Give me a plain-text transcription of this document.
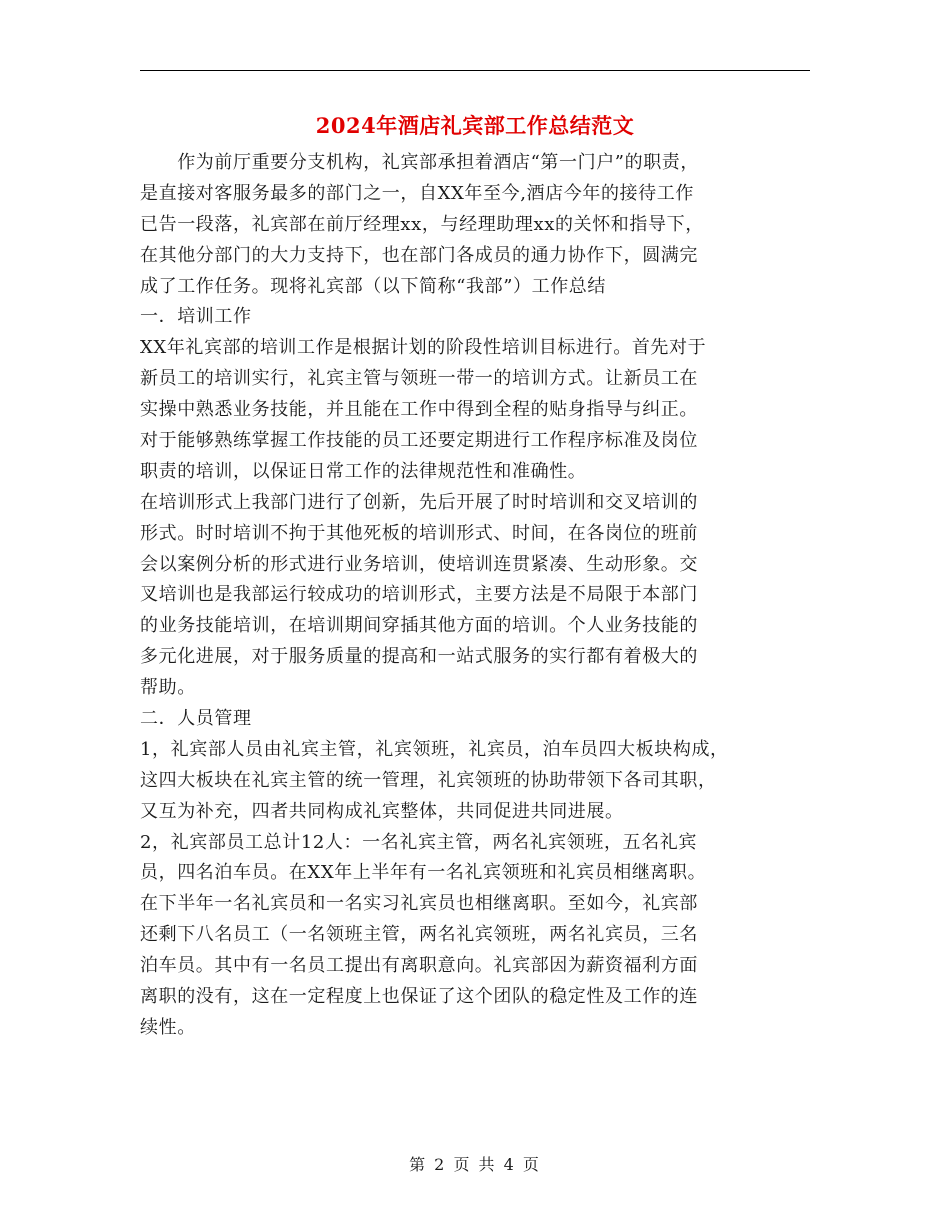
2024年酒店礼宾部工作总结范文
　　作为前厅重要分支机构，礼宾部承担着酒店“第一门户”的职责，
是直接对客服务最多的部门之一，自XX年至今,酒店今年的接待工作
已告一段落，礼宾部在前厅经理xx，与经理助理xx的关怀和指导下，
在其他分部门的大力支持下，也在部门各成员的通力协作下，圆满完
成了工作任务。现将礼宾部（以下简称“我部”）工作总结
一．培训工作
XX年礼宾部的培训工作是根据计划的阶段性培训目标进行。首先对于
新员工的培训实行，礼宾主管与领班一带一的培训方式。让新员工在
实操中熟悉业务技能，并且能在工作中得到全程的贴身指导与纠正。
对于能够熟练掌握工作技能的员工还要定期进行工作程序标准及岗位
职责的培训，以保证日常工作的法律规范性和准确性。
在培训形式上我部门进行了创新，先后开展了时时培训和交叉培训的
形式。时时培训不拘于其他死板的培训形式、时间，在各岗位的班前
会以案例分析的形式进行业务培训，使培训连贯紧凑、生动形象。交
叉培训也是我部运行较成功的培训形式，主要方法是不局限于本部门
的业务技能培训，在培训期间穿插其他方面的培训。个人业务技能的
多元化进展，对于服务质量的提高和一站式服务的实行都有着极大的
帮助。
二．人员管理
1，礼宾部人员由礼宾主管，礼宾领班，礼宾员，泊车员四大板块构成，
这四大板块在礼宾主管的统一管理，礼宾领班的协助带领下各司其职，
又互为补充，四者共同构成礼宾整体，共同促进共同进展。
2，礼宾部员工总计12人：一名礼宾主管，两名礼宾领班，五名礼宾
员，四名泊车员。在XX年上半年有一名礼宾领班和礼宾员相继离职。
在下半年一名礼宾员和一名实习礼宾员也相继离职。至如今，礼宾部
还剩下八名员工（一名领班主管，两名礼宾领班，两名礼宾员，三名
泊车员。其中有一名员工提出有离职意向。礼宾部因为薪资福利方面
离职的没有，这在一定程度上也保证了这个团队的稳定性及工作的连
续性。
第 2 页 共 4 页
